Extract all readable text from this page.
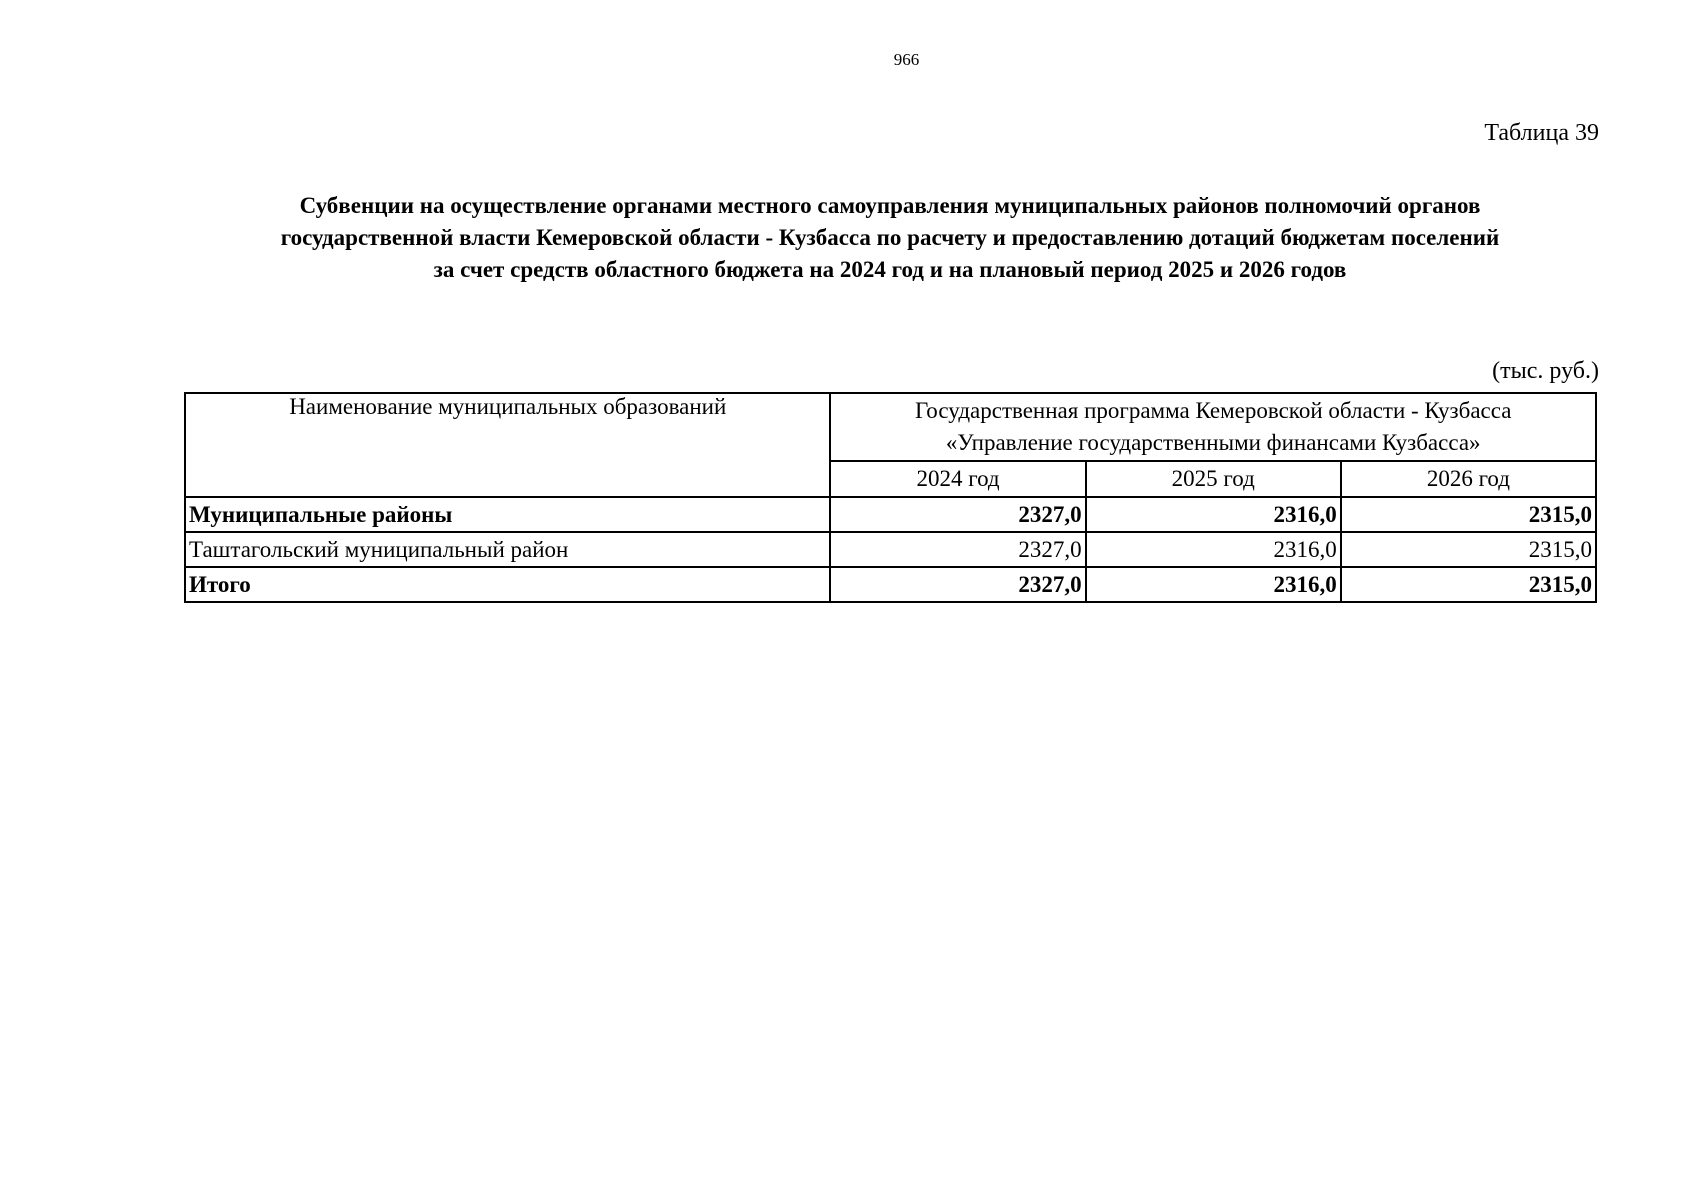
966
Таблица 39
Субвенции на осуществление органами местного самоуправления муниципальных районов полномочий органов
государственной власти Кемеровской области - Кузбасса по расчету и предоставлению дотаций бюджетам поселений
за счет средств областного бюджета на 2024 год и на плановый период 2025 и 2026 годов
(тыс. руб.)
Наименование муниципальных образований	Государственная программа Кемеровской области - Кузбасса
«Управление государственными финансами Кузбасса»		

	2024 год	2025 год	2026 год
Муниципальные районы	2327,0	2316,0	2315,0
Таштагольский муниципальный район	2327,0	2316,0	2315,0
Итого	2327,0	2316,0	2315,0
